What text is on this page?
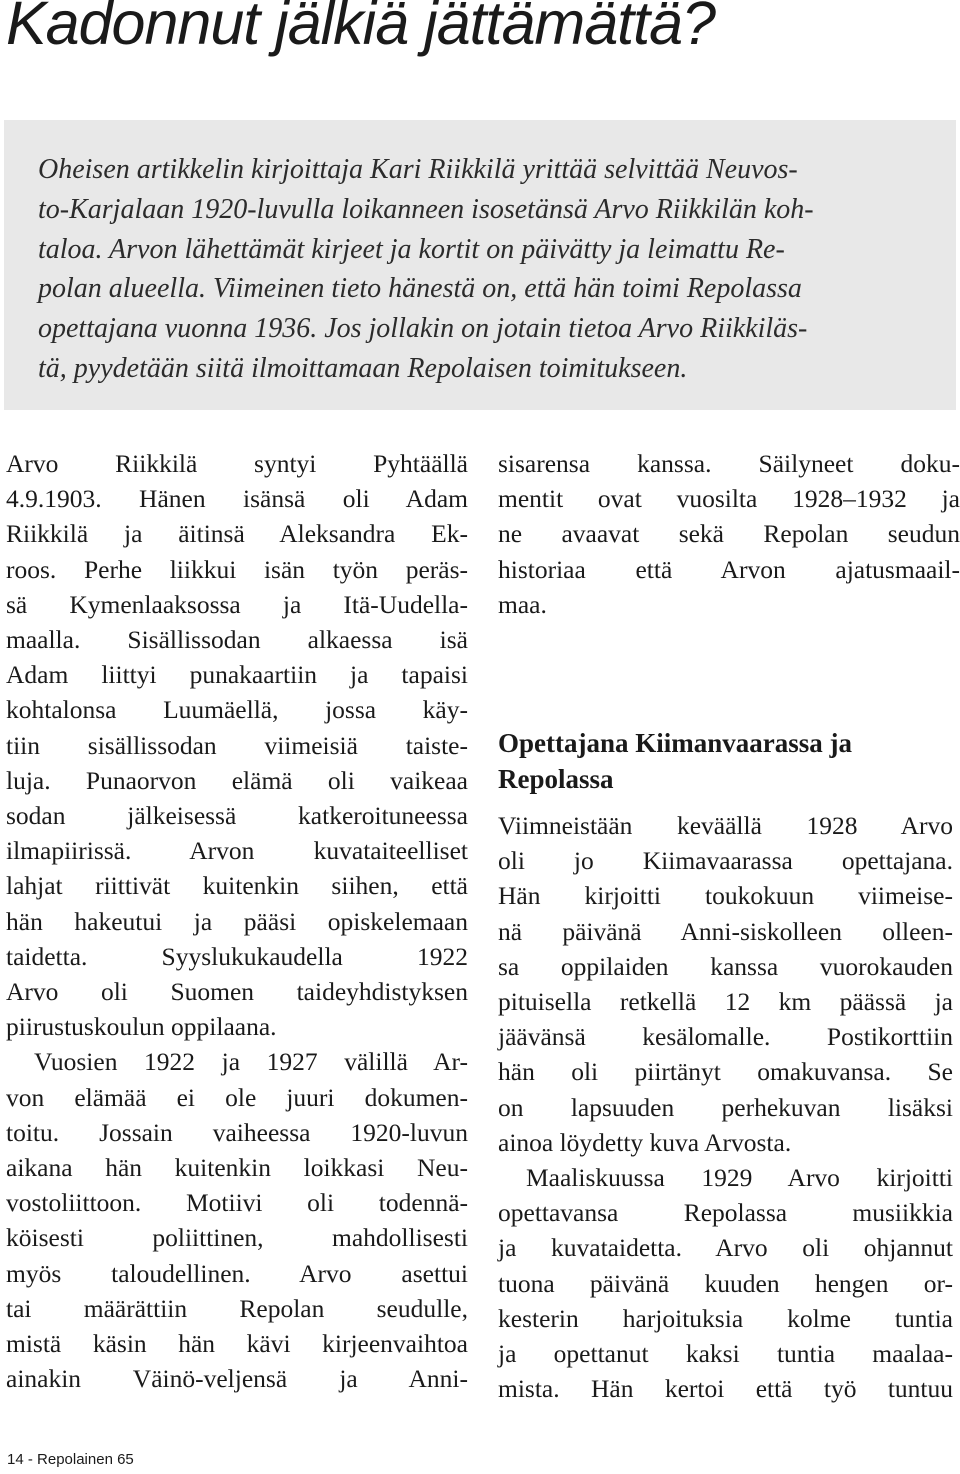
Kadonnut jälkiä jättämättä?
Oheisen artikkelin kirjoittaja Kari Riikkilä yrittää selvittää Neuvos-
to-Karjalaan 1920-luvulla loikanneen isosetänsä Arvo Riikkilän koh-
taloa. Arvon lähettämät kirjeet ja kortit on päivätty ja leimattu Re-
polan alueella. Viimeinen tieto hänestä on, että hän toimi Repolassa
opettajana vuonna 1936. Jos jollakin on jotain tietoa Arvo Riikkiläs-
tä, pyydetään siitä ilmoittamaan Repolaisen toimitukseen.
Arvo Riikkilä syntyi Pyhtäällä
4.9.1903. Hänen isänsä oli Adam
Riikkilä ja äitinsä Aleksandra Ek-
roos. Perhe liikkui isän työn peräs-
sä Kymenlaaksossa ja Itä-Uudella-
maalla. Sisällissodan alkaessa isä
Adam liittyi punakaartiin ja tapaisi
kohtalonsa Luumäellä, jossa käy-
tiin sisällissodan viimeisiä taiste-
luja. Punaorvon elämä oli vaikeaa
sodan jälkeisessä katkeroituneessa
ilmapiirissä. Arvon kuvataiteelliset
lahjat riittivät kuitenkin siihen, että
hän hakeutui ja pääsi opiskelemaan
taidetta. Syyslukukaudella 1922
Arvo oli Suomen taideyhdistyksen
piirustuskoulun oppilaana.
Vuosien 1922 ja 1927 välillä Ar-
von elämää ei ole juuri dokumen-
toitu. Jossain vaiheessa 1920-luvun
aikana hän kuitenkin loikkasi Neu-
vostoliittoon. Motiivi oli todennä-
köisesti poliittinen, mahdollisesti
myös taloudellinen. Arvo asettui
tai määrättiin Repolan seudulle,
mistä käsin hän kävi kirjeenvaihtoa
ainakin Väinö-veljensä ja Anni-
sisarensa kanssa. Säilyneet doku-
mentit ovat vuosilta 1928–1932 ja
ne avaavat sekä Repolan seudun
historiaa että Arvon ajatusmaail-
maa.
Opettajana Kiimanvaarassa ja
Repolassa
Viimneistään keväällä 1928 Arvo
oli jo Kiimavaarassa opettajana.
Hän kirjoitti toukokuun viimeise-
nä päivänä Anni-siskolleen olleen-
sa oppilaiden kanssa vuorokauden
pituisella retkellä 12 km päässä ja
jäävänsä kesälomalle. Postikorttiin
hän oli piirtänyt omakuvansa. Se
on lapsuuden perhekuvan lisäksi
ainoa löydetty kuva Arvosta.
Maaliskuussa 1929 Arvo kirjoitti
opettavansa Repolassa musiikkia
ja kuvataidetta. Arvo oli ohjannut
tuona päivänä kuuden hengen or-
kesterin harjoituksia kolme tuntia
ja opettanut kaksi tuntia maalaa-
mista. Hän kertoi että työ tuntuu
14 - Repolainen 65
